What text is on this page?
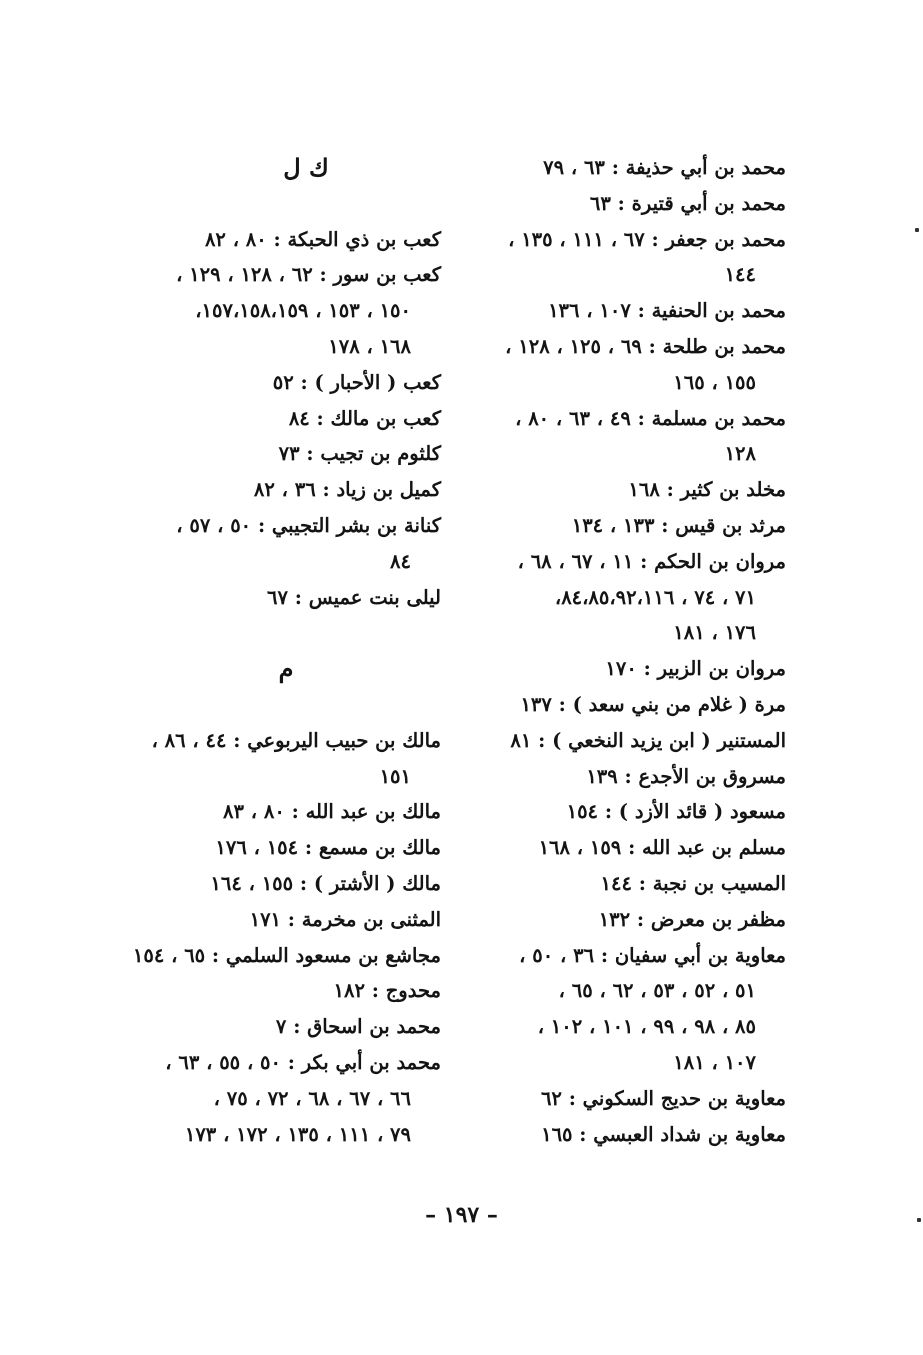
ك ل
كعب بن ذي الحبكة : ٨٠ ، ٨٢
كعب بن سور : ٦٢ ، ١٢٨ ، ١٢٩ ،
١٥٠ ، ١٥٣ ، ١٥٧،١٥٨،١٥٩،
١٦٨ ، ١٧٨
كعب ( الأحبار ) : ٥٢
كعب بن مالك : ٨٤
كلثوم بن تجيب : ٧٣
كميل بن زياد : ٣٦ ، ٨٢
كنانة بن بشر التجيبي : ٥٠ ، ٥٧ ،
٨٤
ليلى بنت عميس : ٦٧
م
مالك بن حبيب اليربوعي : ٤٤ ، ٨٦ ،
١٥١
مالك بن عبد الله : ٨٠ ، ٨٣
مالك بن مسمع : ١٥٤ ، ١٧٦
مالك ( الأشتر ) : ١٥٥ ، ١٦٤
المثنى بن مخرمة : ١٧١
مجاشع بن مسعود السلمي : ٦٥ ، ١٥٤
محدوج : ١٨٢
محمد بن اسحاق : ٧
محمد بن أبي بكر : ٥٠ ، ٥٥ ، ٦٣ ،
٦٦ ، ٦٧ ، ٦٨ ، ٧٢ ، ٧٥ ،
٧٩ ، ١١١ ، ١٣٥ ، ١٧٢ ، ١٧٣
محمد بن أبي حذيفة : ٦٣ ، ٧٩
محمد بن أبي قتيرة : ٦٣
محمد بن جعفر : ٦٧ ، ١١١ ، ١٣٥ ،
١٤٤
محمد بن الحنفية : ١٠٧ ، ١٣٦
محمد بن طلحة : ٦٩ ، ١٢٥ ، ١٢٨ ،
١٥٥ ، ١٦٥
محمد بن مسلمة : ٤٩ ، ٦٣ ، ٨٠ ،
١٢٨
مخلد بن كثير : ١٦٨
مرثد بن قيس : ١٣٣ ، ١٣٤
مروان بن الحكم : ١١ ، ٦٧ ، ٦٨ ،
٧١ ، ٧٤ ، ٨٤،٨٥،٩٢،١١٦،
١٧٦ ، ١٨١
مروان بن الزبير : ١٧٠
مرة ( غلام من بني سعد ) : ١٣٧
المستنير ( ابن يزيد النخعي ) : ٨١
مسروق بن الأجدع : ١٣٩
مسعود ( قائد الأزد ) : ١٥٤
مسلم بن عبد الله : ١٥٩ ، ١٦٨
المسيب بن نجبة : ١٤٤
مظفر بن معرض : ١٣٢
معاوية بن أبي سفيان : ٣٦ ، ٥٠ ،
٥١ ، ٥٢ ، ٥٣ ، ٦٢ ، ٦٥ ،
٨٥ ، ٩٨ ، ٩٩ ، ١٠١ ، ١٠٢ ،
١٠٧ ، ١٨١
معاوية بن حديج السكوني : ٦٢
معاوية بن شداد العبسي : ١٦٥
– ١٩٧ –
